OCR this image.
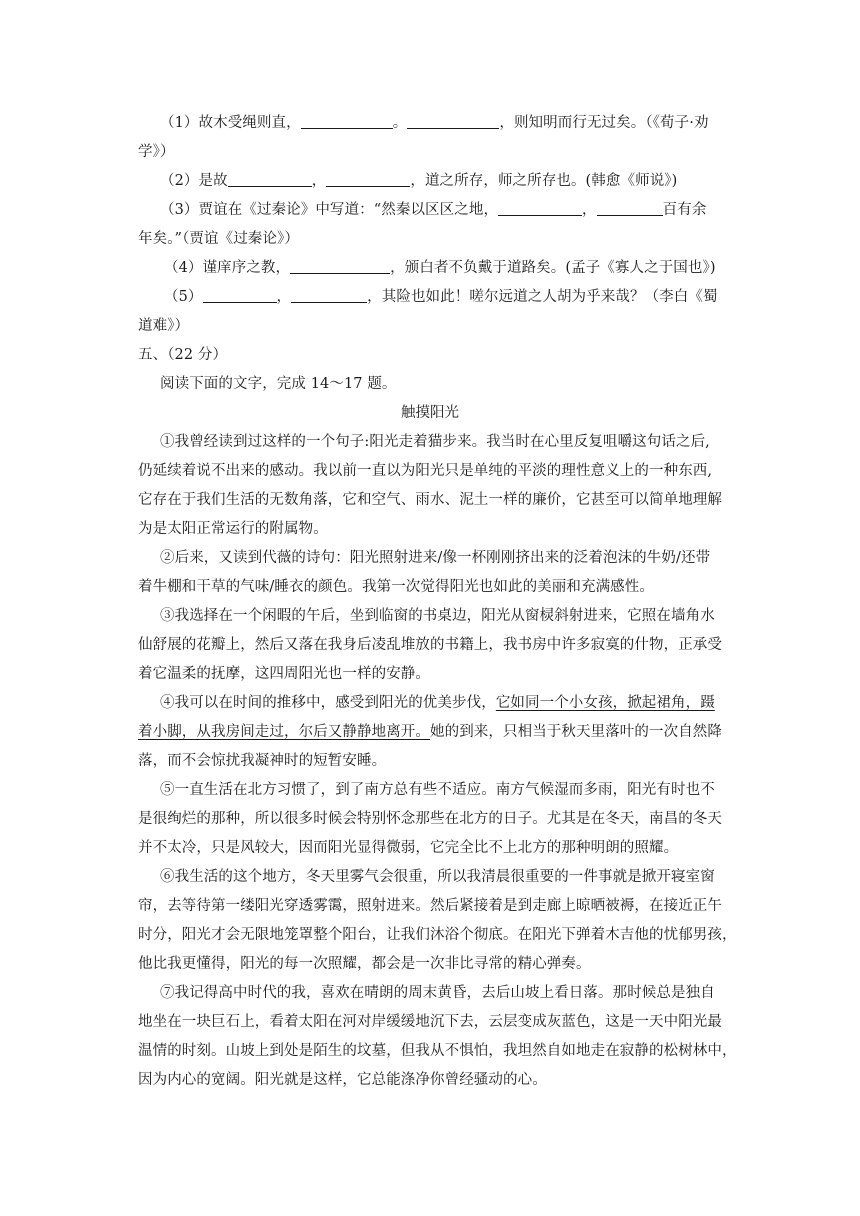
（1）故木受绳则直，	。	，则知明而行无过矣。（《荀子·劝
学》）
（2）是故	，	，道之所存，师之所存也。(韩愈《师说》)
（3）贾谊在《过秦论》中写道：“然秦以区区之地，	，	百有余
年矣。”（贾谊《过秦论》）
（4）谨庠序之教，	，颁白者不负戴于道路矣。(孟子《寡人之于国也》)
（5）	，	，其险也如此！嗟尔远道之人胡为乎来哉？（李白《蜀
道难》）
五、（22 分）
阅读下面的文字，完成 14～17 题。
触摸阳光
①我曾经读到过这样的一个句子:阳光走着猫步来。我当时在心里反复咀嚼这句话之后,
仍延续着说不出来的感动。我以前一直以为阳光只是单纯的平淡的理性意义上的一种东西,
它存在于我们生活的无数角落，它和空气、雨水、泥土一样的廉价，它甚至可以简单地理解
为是太阳正常运行的附属物。
②后来，又读到代薇的诗句：阳光照射进来/像一杯刚刚挤出来的泛着泡沫的牛奶/还带
着牛棚和干草的气味/睡衣的颜色。我第一次觉得阳光也如此的美丽和充满感性。
③我选择在一个闲暇的午后，坐到临窗的书桌边，阳光从窗棂斜射进来，它照在墙角水
仙舒展的花瓣上，然后又落在我身后凌乱堆放的书籍上，我书房中许多寂寞的什物，正承受
着它温柔的抚摩，这四周阳光也一样的安静。
④我可以在时间的推移中，感受到阳光的优美步伐，它如同一个小女孩，掀起裙角，蹑
着小脚，从我房间走过，尔后又静静地离开。她的到来，只相当于秋天里落叶的一次自然降
落，而不会惊扰我凝神时的短暂安睡。
⑤一直生活在北方习惯了，到了南方总有些不适应。南方气候湿而多雨，阳光有时也不
是很绚烂的那种，所以很多时候会特别怀念那些在北方的日子。尤其是在冬天，南昌的冬天
并不太冷，只是风较大，因而阳光显得微弱，它完全比不上北方的那种明朗的照耀。
⑥我生活的这个地方，冬天里雾气会很重，所以我清晨很重要的一件事就是掀开寝室窗
帘，去等待第一缕阳光穿透雾霭，照射进来。然后紧接着是到走廊上晾晒被褥，在接近正午
时分，阳光才会无限地笼罩整个阳台，让我们沐浴个彻底。在阳光下弹着木吉他的忧郁男孩，
他比我更懂得，阳光的每一次照耀，都会是一次非比寻常的精心弹奏。
⑦我记得高中时代的我，喜欢在晴朗的周末黄昏，去后山坡上看日落。那时候总是独自
地坐在一块巨石上，看着太阳在河对岸缓缓地沉下去，云层变成灰蓝色，这是一天中阳光最
温情的时刻。山坡上到处是陌生的坟墓，但我从不惧怕，我坦然自如地走在寂静的松树林中，
因为内心的宽阔。阳光就是这样，它总能涤净你曾经骚动的心。
